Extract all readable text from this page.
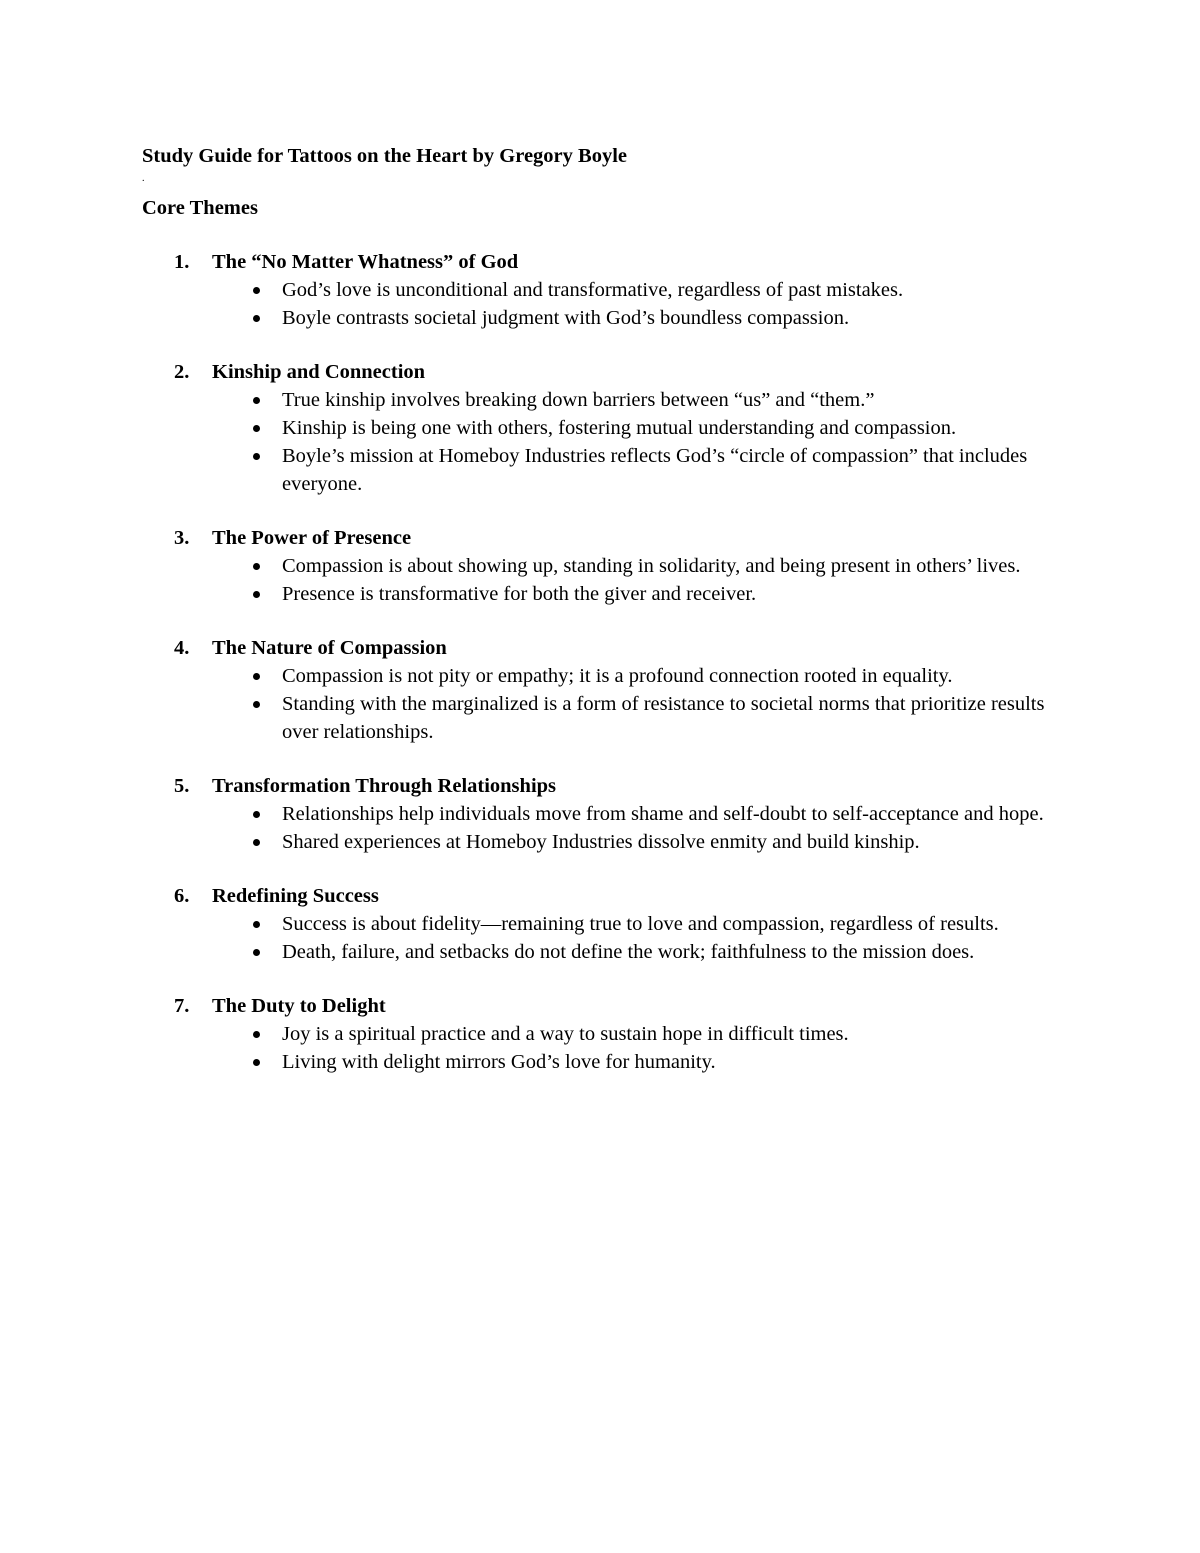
Study Guide for Tattoos on the Heart by Gregory Boyle

.

Core Themes

1. The “No Matter Whatness” of God
God’s love is unconditional and transformative, regardless of past mistakes.
Boyle contrasts societal judgment with God’s boundless compassion.
2. Kinship and Connection
True kinship involves breaking down barriers between “us” and “them.”
Kinship is being one with others, fostering mutual understanding and compassion.
Boyle’s mission at Homeboy Industries reflects God’s “circle of compassion” that includes everyone.
3. The Power of Presence
Compassion is about showing up, standing in solidarity, and being present in others’ lives.
Presence is transformative for both the giver and receiver.
4. The Nature of Compassion
Compassion is not pity or empathy; it is a profound connection rooted in equality.
Standing with the marginalized is a form of resistance to societal norms that prioritize results over relationships.
5. Transformation Through Relationships
Relationships help individuals move from shame and self-doubt to self-acceptance and hope.
Shared experiences at Homeboy Industries dissolve enmity and build kinship.
6. Redefining Success
Success is about fidelity—remaining true to love and compassion, regardless of results.
Death, failure, and setbacks do not define the work; faithfulness to the mission does.
7. The Duty to Delight
Joy is a spiritual practice and a way to sustain hope in difficult times.
Living with delight mirrors God’s love for humanity.
